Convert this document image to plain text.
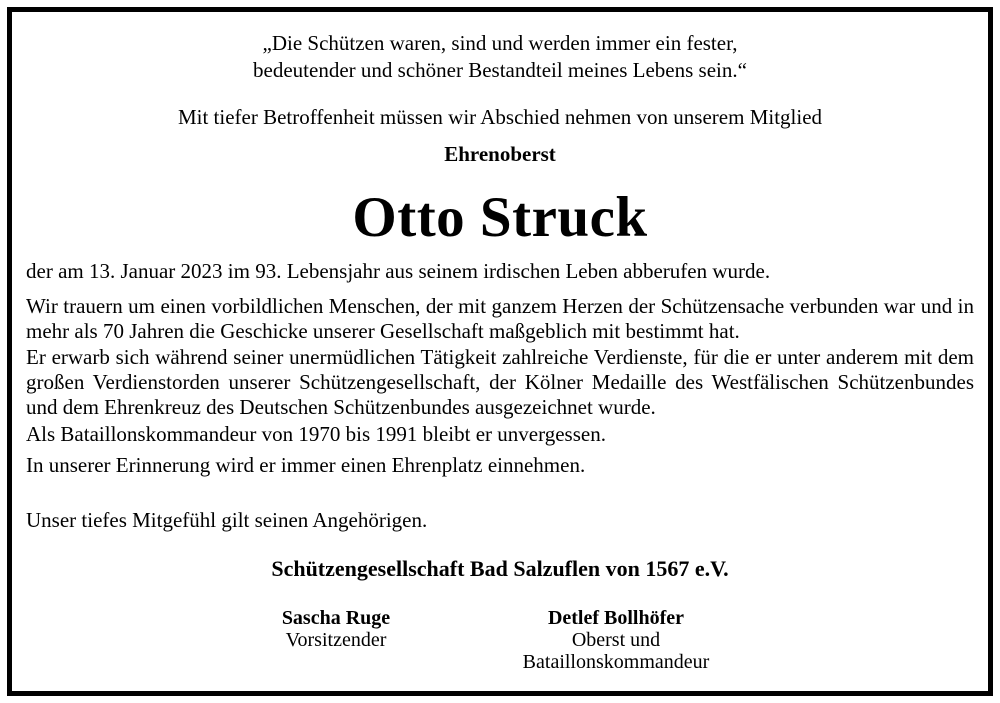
„Die Schützen waren, sind und werden immer ein fester,
bedeutender und schöner Bestandteil meines Lebens sein.“
Mit tiefer Betroffenheit müssen wir Abschied nehmen von unserem Mitglied
Ehrenoberst
Otto Struck

der am 13. Januar 2023 im 93. Lebensjahr aus seinem irdischen Leben abberufen wurde.

Wir trauern um einen vorbildlichen Menschen, der mit ganzem Herzen der Schützensache verbunden war und in mehr als 70 Jahren die Geschicke unserer Gesellschaft maßgeblich mit bestimmt hat.

Er erwarb sich während seiner unermüdlichen Tätigkeit zahlreiche Verdienste, für die er unter anderem mit dem großen Verdienstorden unserer Schützengesellschaft, der Kölner Medaille des Westfälischen Schützenbundes und dem Ehrenkreuz des Deutschen Schützenbundes ausgezeichnet wurde.

Als Bataillonskommandeur von 1970 bis 1991 bleibt er unvergessen.

In unserer Erinnerung wird er immer einen Ehrenplatz einnehmen.

Unser tiefes Mitgefühl gilt seinen Angehörigen.

Schützengesellschaft Bad Salzuflen von 1567 e.V.
Sascha Ruge
Vorsitzender
Detlef Bollhöfer
Oberst und
Bataillonskommandeur
